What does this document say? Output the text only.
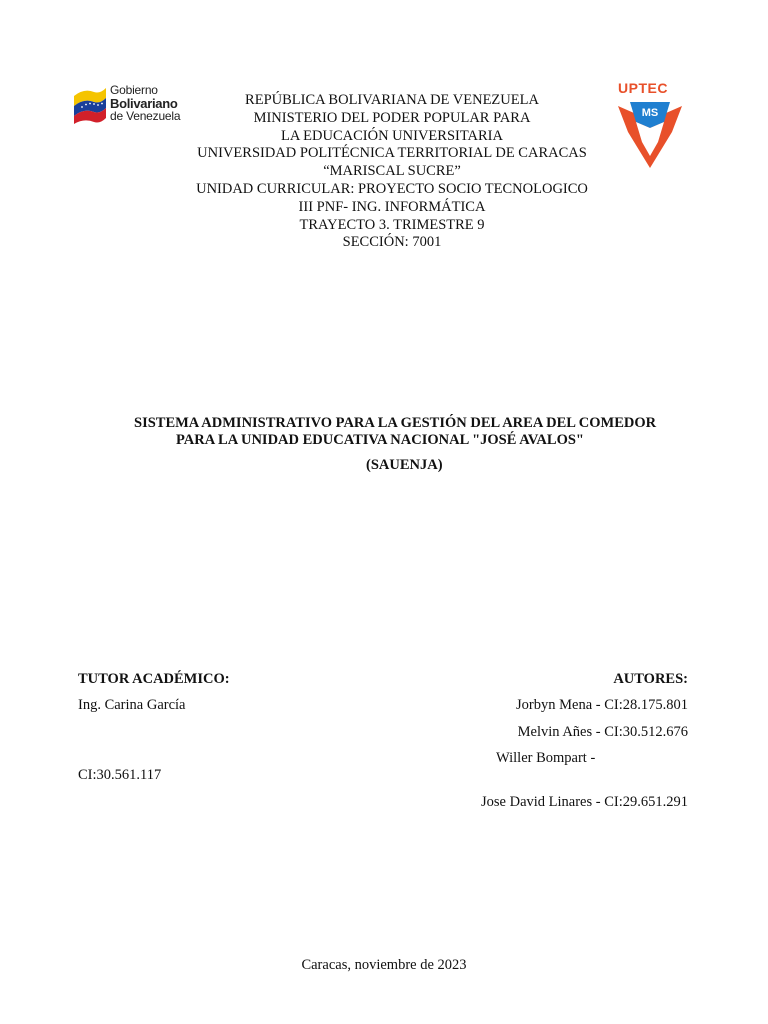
Gobierno
Bolivariano
de Venezuela
UPTEC
MS
REPÚBLICA BOLIVARIANA DE VENEZUELA
MINISTERIO DEL PODER POPULAR PARA
LA EDUCACIÓN UNIVERSITARIA
UNIVERSIDAD POLITÉCNICA TERRITORIAL DE CARACAS
“MARISCAL SUCRE”
UNIDAD CURRICULAR: PROYECTO SOCIO TECNOLOGICO
III PNF- ING. INFORMÁTICA
TRAYECTO 3. TRIMESTRE 9
SECCIÓN: 7001
SISTEMA ADMINISTRATIVO PARA LA GESTIÓN DEL AREA DEL COMEDOR
PARA LA UNIDAD EDUCATIVA NACIONAL "JOSÉ AVALOS"
(SAUENJA)
TUTOR ACADÉMICO:
Ing. Carina García
AUTORES:
Jorbyn Mena - CI:28.175.801
Melvin Añes - CI:30.512.676
Willer Bompart -
CI:30.561.117
Jose David Linares - CI:29.651.291
Caracas, noviembre de 2023
